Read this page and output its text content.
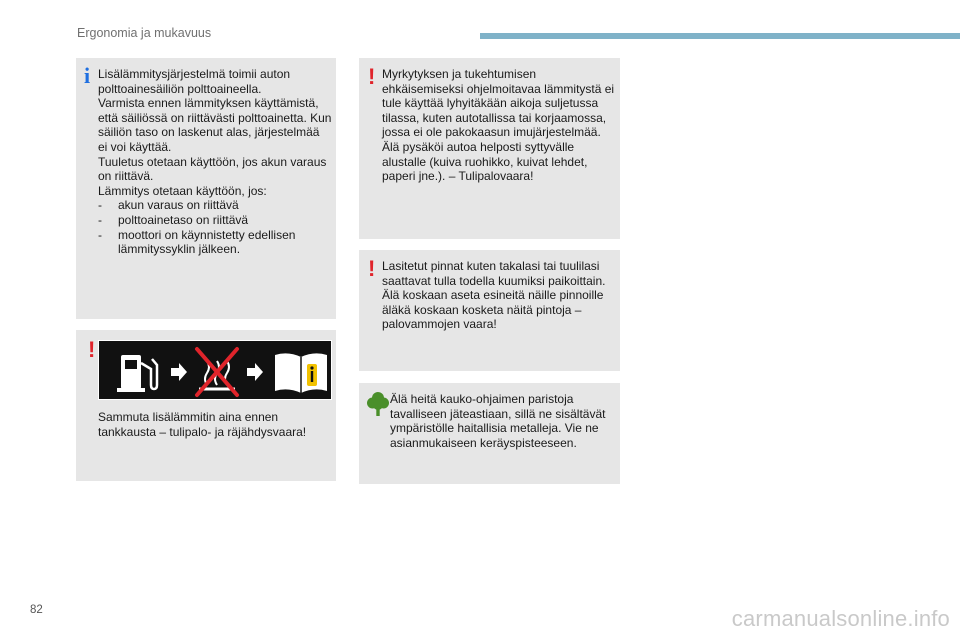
Ergonomia ja mukavuus
i Lisälämmitysjärjestelmä toimii auton polttoainesäiliön polttoaineella.
Varmista ennen lämmityksen käyttämistä, että säiliössä on riittävästi polttoainetta. Kun säiliön taso on laskenut alas, järjestelmää ei voi käyttää.
Tuuletus otetaan käyttöön, jos akun varaus on riittävä.
Lämmitys otetaan käyttöön, jos:
- akun varaus on riittävä
- polttoainetaso on riittävä
- moottori on käynnistetty edellisen lämmityssyklin jälkeen.
!
Sammuta lisälämmitin aina ennen tankkausta – tulipalo- ja räjähdysvaara!
! Myrkytyksen ja tukehtumisen ehkäisemiseksi ohjelmoitavaa lämmitystä ei tule käyttää lyhyitäkään aikoja suljetussa tilassa, kuten autotallissa tai korjaamossa, jossa ei ole pakokaasun imujärjestelmää.
Älä pysäköi autoa helposti syttyvälle alustalle (kuiva ruohikko, kuivat lehdet, paperi jne.). – Tulipalovaara!
! Lasitetut pinnat kuten takalasi tai tuulilasi saattavat tulla todella kuumiksi paikoittain. Älä koskaan aseta esineitä näille pinnoille äläkä koskaan kosketa näitä pintoja – palovammojen vaara!
Älä heitä kauko-ohjaimen paristoja tavalliseen jäteastiaan, sillä ne sisältävät ympäristölle haitallisia metalleja. Vie ne asianmukaiseen keräyspisteeseen.
82	carmanualsonline.info
